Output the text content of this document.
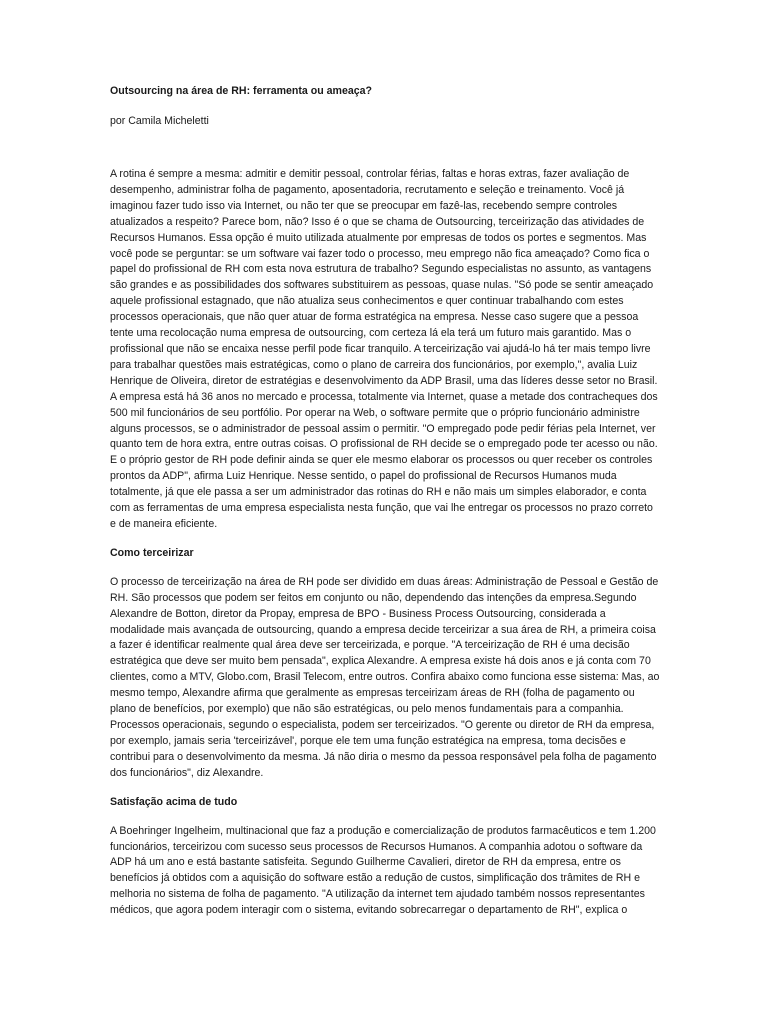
Outsourcing na área de RH: ferramenta ou ameaça?

por Camila Micheletti

A rotina é sempre a mesma: admitir e demitir pessoal, controlar férias, faltas e horas extras, fazer avaliação de desempenho, administrar folha de pagamento, aposentadoria, recrutamento e seleção e treinamento. Você já imaginou fazer tudo isso via Internet, ou não ter que se preocupar em fazê-las, recebendo sempre controles atualizados a respeito? Parece bom, não? Isso é o que se chama de Outsourcing, terceirização das atividades de Recursos Humanos. Essa opção é muito utilizada atualmente por empresas de todos os portes e segmentos. Mas você pode se perguntar: se um software vai fazer todo o processo, meu emprego não fica ameaçado? Como fica o papel do profissional de RH com esta nova estrutura de trabalho? Segundo especialistas no assunto, as vantagens são grandes e as possibilidades dos softwares substituirem as pessoas, quase nulas. "Só pode se sentir ameaçado aquele profissional estagnado, que não atualiza seus conhecimentos e quer continuar trabalhando com estes processos operacionais, que não quer atuar de forma estratégica na empresa. Nesse caso sugere que a pessoa tente uma recolocação numa empresa de outsourcing, com certeza lá ela terá um futuro mais garantido. Mas o profissional que não se encaixa nesse perfil pode ficar tranquilo. A terceirização vai ajudá-lo há ter mais tempo livre para trabalhar questões mais estratégicas, como o plano de carreira dos funcionários, por exemplo,", avalia Luiz Henrique de Oliveira, diretor de estratégias e desenvolvimento da ADP Brasil, uma das líderes desse setor no Brasil. A empresa está há 36 anos no mercado e processa, totalmente via Internet, quase a metade dos contracheques dos 500 mil funcionários de seu portfólio. Por operar na Web, o software permite que o próprio funcionário administre alguns processos, se o administrador de pessoal assim o permitir. "O empregado pode pedir férias pela Internet, ver quanto tem de hora extra, entre outras coisas. O profissional de RH decide se o empregado pode ter acesso ou não. E o próprio gestor de RH pode definir ainda se quer ele mesmo elaborar os processos ou quer receber os controles prontos da ADP", afirma Luiz Henrique. Nesse sentido, o papel do profissional de Recursos Humanos muda totalmente, já que ele passa a ser um administrador das rotinas do RH e não mais um simples elaborador, e conta com as ferramentas de uma empresa especialista nesta função, que vai lhe entregar os processos no prazo correto e de maneira eficiente.

Como terceirizar

O processo de terceirização na área de RH pode ser dividido em duas áreas: Administração de Pessoal e Gestão de RH. São processos que podem ser feitos em conjunto ou não, dependendo das intenções da empresa.Segundo Alexandre de Botton, diretor da Propay, empresa de BPO - Business Process Outsourcing, considerada a modalidade mais avançada de outsourcing, quando a empresa decide terceirizar a sua área de RH, a primeira coisa a fazer é identificar realmente qual área deve ser terceirizada, e porque. "A terceirização de RH é uma decisão estratégica que deve ser muito bem pensada", explica Alexandre. A empresa existe há dois anos e já conta com 70 clientes, como a MTV, Globo.com, Brasil Telecom, entre outros. Confira abaixo como funciona esse sistema: Mas, ao mesmo tempo, Alexandre afirma que geralmente as empresas terceirizam áreas de RH (folha de pagamento ou plano de benefícios, por exemplo) que não são estratégicas, ou pelo menos fundamentais para a companhia. Processos operacionais, segundo o especialista, podem ser terceirizados. "O gerente ou diretor de RH da empresa, por exemplo, jamais seria 'terceirizável', porque ele tem uma função estratégica na empresa, toma decisões e contribui para o desenvolvimento da mesma. Já não diria o mesmo da pessoa responsável pela folha de pagamento dos funcionários", diz Alexandre.

Satisfação acima de tudo

A Boehringer Ingelheim, multinacional que faz a produção e comercialização de produtos farmacêuticos e tem 1.200 funcionários, terceirizou com sucesso seus processos de Recursos Humanos. A companhia adotou o software da ADP há um ano e está bastante satisfeita. Segundo Guilherme Cavalieri, diretor de RH da empresa, entre os benefícios já obtidos com a aquisição do software estão a redução de custos, simplificação dos trâmites de RH e melhoria no sistema de folha de pagamento. "A utilização da internet tem ajudado também nossos representantes médicos, que agora podem interagir com o sistema, evitando sobrecarregar o departamento de RH", explica o
